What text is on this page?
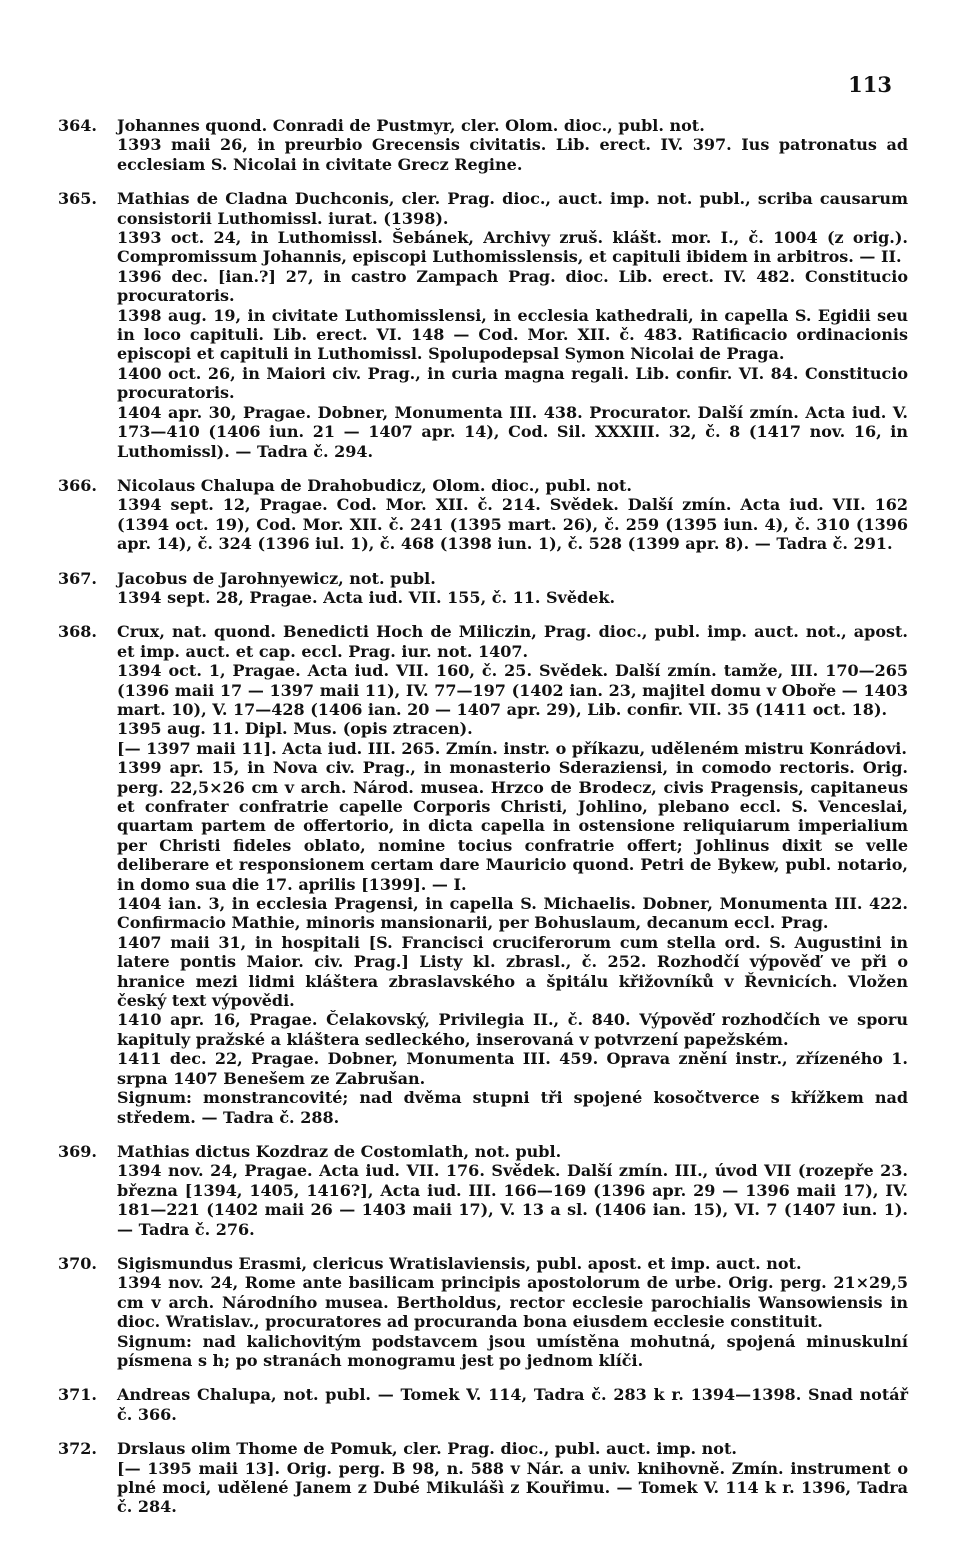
113
364. Johannes quond. Conradi de Pustmyr, cler. Olom. dioc., publ. not.

1393 maii 26, in preurbio Grecensis civitatis. Lib. erect. IV. 397. Ius patronatus ad ecclesiam S. Nicolai in civitate Grecz Regine.

365. Mathias de Cladna Duchconis, cler. Prag. dioc., auct. imp. not. publ., scriba causarum consistorii Luthomissl. iurat. (1398).

1393 oct. 24, in Luthomissl. Šebánek, Archivy zruš. klášt. mor. I., č. 1004 (z orig.). Compromissum Johannis, episcopi Luthomisslensis, et capituli ibidem in arbitros. — II.

1396 dec. [ian.?] 27, in castro Zampach Prag. dioc. Lib. erect. IV. 482. Constitucio procuratoris.

1398 aug. 19, in civitate Luthomisslensi, in ecclesia kathedrali, in capella S. Egidii seu in loco capituli. Lib. erect. VI. 148 — Cod. Mor. XII. č. 483. Ratificacio ordinacionis episcopi et capituli in Luthomissl. Spolupodepsal Symon Nicolai de Praga.

1400 oct. 26, in Maiori civ. Prag., in curia magna regali. Lib. confir. VI. 84. Constitucio procuratoris.

1404 apr. 30, Pragae. Dobner, Monumenta III. 438. Procurator. Další zmín. Acta iud. V. 173—410 (1406 iun. 21 — 1407 apr. 14), Cod. Sil. XXXIII. 32, č. 8 (1417 nov. 16, in Luthomissl). — Tadra č. 294.

366. Nicolaus Chalupa de Drahobudicz, Olom. dioc., publ. not.

1394 sept. 12, Pragae. Cod. Mor. XII. č. 214. Svědek. Další zmín. Acta iud. VII. 162 (1394 oct. 19), Cod. Mor. XII. č. 241 (1395 mart. 26), č. 259 (1395 iun. 4), č. 310 (1396 apr. 14), č. 324 (1396 iul. 1), č. 468 (1398 iun. 1), č. 528 (1399 apr. 8). — Tadra č. 291.

367. Jacobus de Jarohnyewicz, not. publ.

1394 sept. 28, Pragae. Acta iud. VII. 155, č. 11. Svědek.

368. Crux, nat. quond. Benedicti Hoch de Miliczin, Prag. dioc., publ. imp. auct. not., apost. et imp. auct. et cap. eccl. Prag. iur. not. 1407.

1394 oct. 1, Pragae. Acta iud. VII. 160, č. 25. Svědek. Další zmín. tamže, III. 170—265 (1396 maii 17 — 1397 maii 11), IV. 77—197 (1402 ian. 23, majitel domu v Oboře — 1403 mart. 10), V. 17—428 (1406 ian. 20 — 1407 apr. 29), Lib. confir. VII. 35 (1411 oct. 18).

1395 aug. 11. Dipl. Mus. (opis ztracen).

[— 1397 maii 11]. Acta iud. III. 265. Zmín. instr. o příkazu, uděleném mistru Konrádovi.

1399 apr. 15, in Nova civ. Prag., in monasterio Sderaziensi, in comodo rectoris. Orig. perg. 22,5×26 cm v arch. Národ. musea. Hrzco de Brodecz, civis Pragensis, capitaneus et confrater confratrie capelle Corporis Christi, Johlino, plebano eccl. S. Venceslai, quartam partem de offertorio, in dicta capella in ostensione reliquiarum imperialium per Christi fideles oblato, nomine tocius confratrie offert; Johlinus dixit se velle deliberare et responsionem certam dare Mauricio quond. Petri de Bykew, publ. notario, in domo sua die 17. aprilis [1399]. — I.

1404 ian. 3, in ecclesia Pragensi, in capella S. Michaelis. Dobner, Monumenta III. 422. Confirmacio Mathie, minoris mansionarii, per Bohuslaum, decanum eccl. Prag.

1407 maii 31, in hospitali [S. Francisci cruciferorum cum stella ord. S. Augustini in latere pontis Maior. civ. Prag.] Listy kl. zbrasl., č. 252. Rozhodčí výpověď ve při o hranice mezi lidmi kláštera zbraslavského a špitálu křižovníků v Řevnicích. Vložen český text výpovědi.

1410 apr. 16, Pragae. Čelakovský, Privilegia II., č. 840. Výpověď rozhodčích ve sporu kapituly pražské a kláštera sedleckého, inserovaná v potvrzení papežském.

1411 dec. 22, Pragae. Dobner, Monumenta III. 459. Oprava znění instr., zřízeného 1. srpna 1407 Benešem ze Zabrušan.

Signum: monstrancovité; nad dvěma stupni tři spojené kosočtverce s křížkem nad středem. — Tadra č. 288.

369. Mathias dictus Kozdraz de Costomlath, not. publ.

1394 nov. 24, Pragae. Acta iud. VII. 176. Svědek. Další zmín. III., úvod VII (rozepře 23. března [1394, 1405, 1416?], Acta iud. III. 166—169 (1396 apr. 29 — 1396 maii 17), IV. 181—221 (1402 maii 26 — 1403 maii 17), V. 13 a sl. (1406 ian. 15), VI. 7 (1407 iun. 1). — Tadra č. 276.

370. Sigismundus Erasmi, clericus Wratislaviensis, publ. apost. et imp. auct. not.

1394 nov. 24, Rome ante basilicam principis apostolorum de urbe. Orig. perg. 21×29,5 cm v arch. Národního musea. Bertholdus, rector ecclesie parochialis Wansowiensis in dioc. Wratislav., procuratores ad procuranda bona eiusdem ecclesie constituit.

Signum: nad kalichovitým podstavcem jsou umístěna mohutná, spojená minuskulní písmena s h; po stranách monogramu jest po jednom klíči.

371. Andreas Chalupa, not. publ. — Tomek V. 114, Tadra č. 283 k r. 1394—1398. Snad notář č. 366.

372. Drslaus olim Thome de Pomuk, cler. Prag. dioc., publ. auct. imp. not.

[— 1395 maii 13]. Orig. perg. B 98, n. 588 v Nár. a univ. knihovně. Zmín. instrument o plné moci, udělené Janem z Dubé Mikulášì z Kouřimu. — Tomek V. 114 k r. 1396, Tadra č. 284.
